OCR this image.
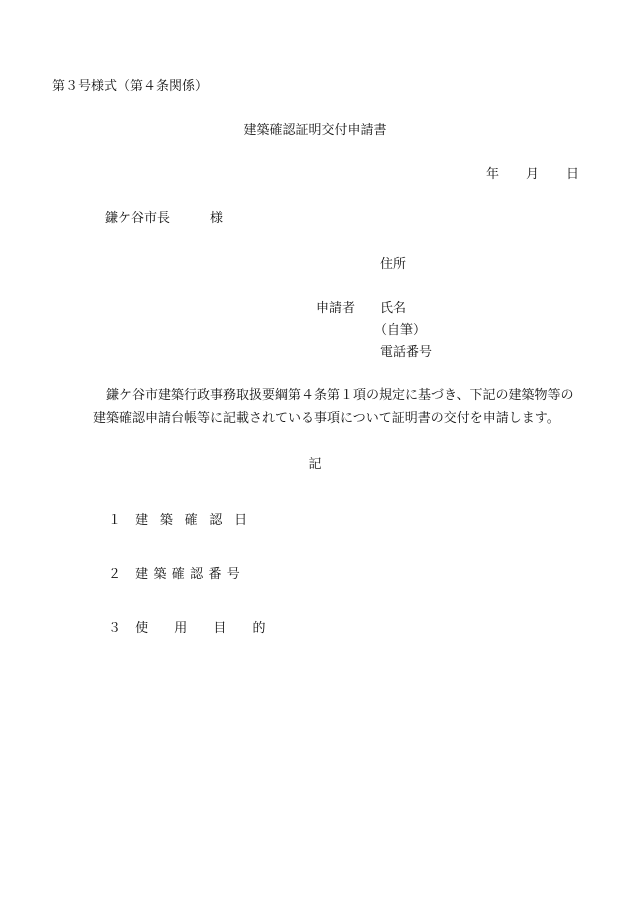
第３号様式（第４条関係）
建築確認証明交付申請書
年 月 日
鎌ケ谷市長	様
住所
申請者 氏名
（自筆）
電話番号
鎌ケ谷市建築行政事務取扱要綱第４条第１項の規定に基づき、下記の建築物等の
建築確認申請台帳等に記載されている事項について証明書の交付を申請します。
記
１ 建 築 確 認 日
２ 建 築 確 認 番 号
３ 使 用 目 的
